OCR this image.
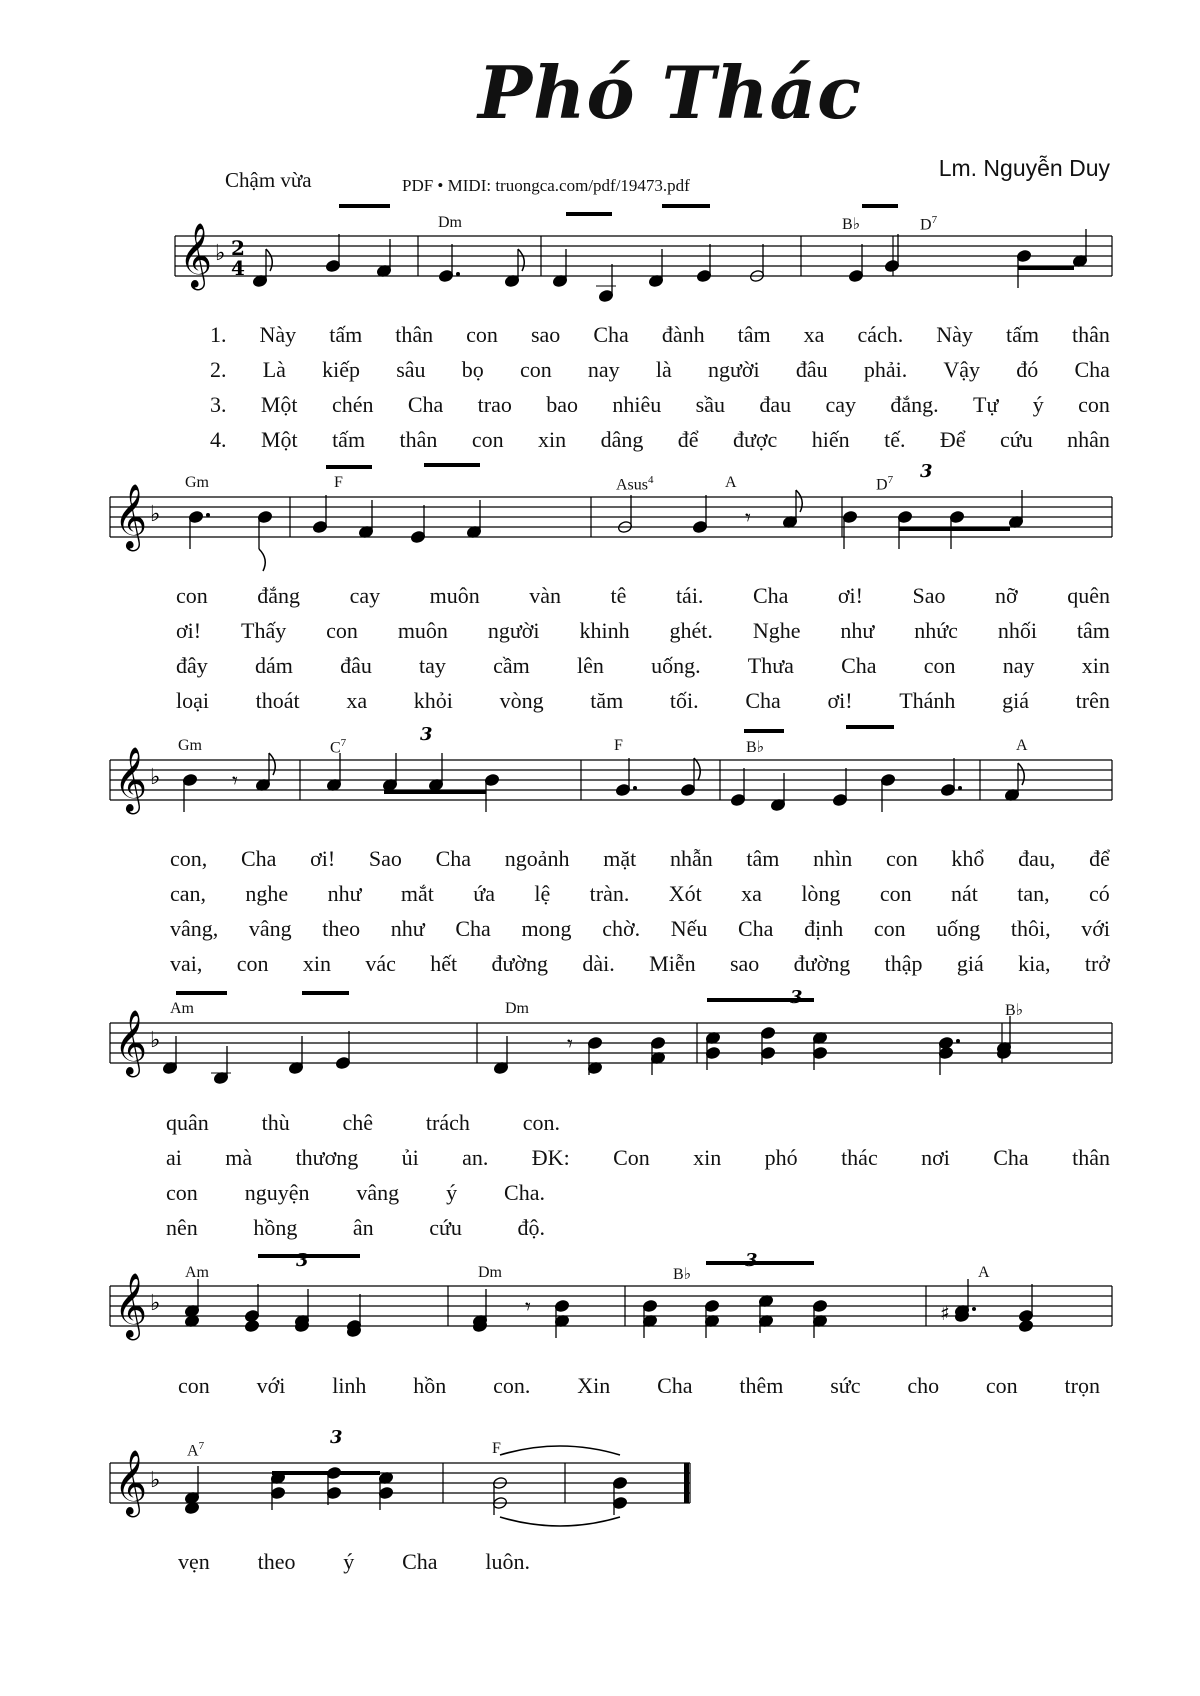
Phó Thác
Chậm vừa	PDF • MIDI: truongca.com/pdf/19473.pdf
Lm. Nguyễn Duy
𝄞 ♭ 2
4
𝄞 ♭
𝄞 ♭
𝄞 ♭
𝄞 ♭
𝄞 ♭
𝄾
3
𝄾
3
𝄾
3
3
𝄾
3
♯
3
Dm	B♭	$D^7$
Gm	F	Asus$^4$	A	$D^7$
Gm	$C^7$	F	B♭	A
Am	Dm	B♭
Am	Dm	B♭	A
$A^7$	F
1. Này tấm thân con sao Cha đành tâm xa cách. Này tấm thân
2. Là kiếp sâu bọ con nay là người đâu phải. Vậy đó Cha
3. Một chén Cha trao bao nhiêu sầu đau cay đắng. Tự ý con
4. Một tấm thân con xin dâng để được hiến tế. Để cứu nhân
con đắng cay muôn vàn tê tái. Cha ơi! Sao nỡ quên
ơi! Thấy con muôn người khinh ghét. Nghe như nhức nhối tâm
đây dám đâu tay cầm lên uống. Thưa Cha con nay xin
loại thoát xa khỏi vòng tăm tối. Cha ơi! Thánh giá trên
con, Cha ơi! Sao Cha ngoảnh mặt nhẫn tâm nhìn con khổ đau, để
can, nghe như mắt ứa lệ tràn. Xót xa lòng con nát tan, có
vâng, vâng theo như Cha mong chờ. Nếu Cha định con uống thôi, với
vai, con xin vác hết đường dài. Miễn sao đường thập giá kia, trở
quân thù chê trách con.
ai mà thương ủi an. ĐK: Con xin phó thác nơi Cha thân
con nguyện vâng ý Cha.
nên	hồng	ân	cứu	độ.
con với linh hồn con. Xin Cha thêm sức cho con trọn
vẹn theo ý Cha luôn.
